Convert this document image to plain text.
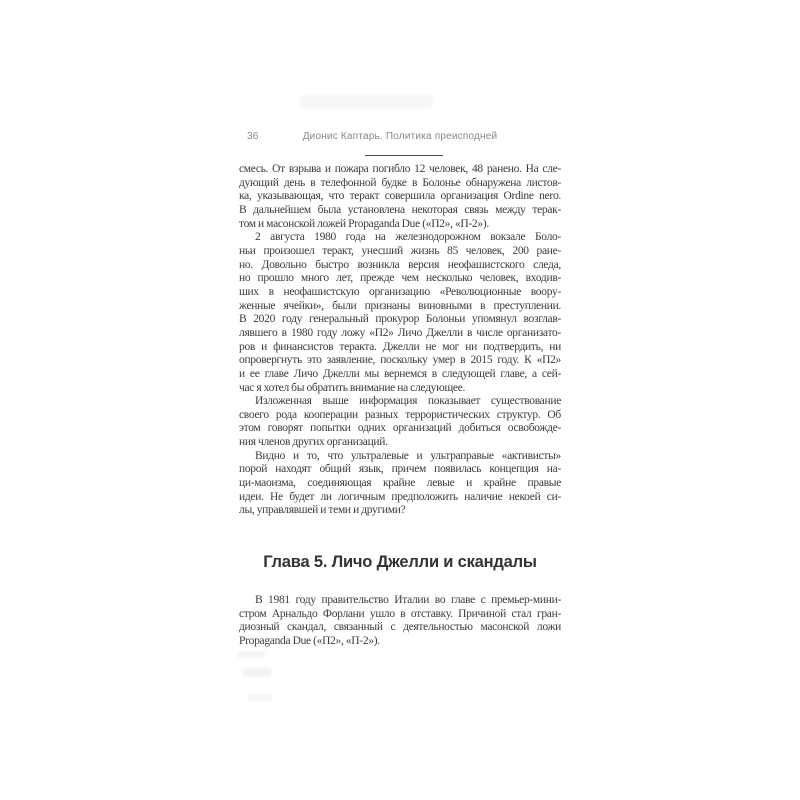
36	Дионис Каптарь. Политика преисподней
смесь. От взрыва и пожара погибло 12 человек, 48 ранено. На сле-
дующий день в телефонной будке в Болонье обнаружена листов-
ка, указывающая, что теракт совершила организация Ordine nero.
В дальнейшем была установлена некоторая связь между терак-
том и масонской ложей Propaganda Due («П2», «П-2»).
2 августа 1980 года на железнодорожном вокзале Боло-
ньи произошел теракт, унесший жизнь 85 человек, 200 ране-
но. Довольно быстро возникла версия неофашистского следа,
но прошло много лет, прежде чем несколько человек, входив-
ших в неофашистскую организацию «Революционные воору-
женные ячейки», были признаны виновными в преступлении.
В 2020 году генеральный прокурор Болоньи упомянул возглав-
лявшего в 1980 году ложу «П2» Личо Джелли в числе организато-
ров и финансистов теракта. Джелли не мог ни подтвердить, ни
опровергнуть это заявление, поскольку умер в 2015 году. К «П2»
и ее главе Личо Джелли мы вернемся в следующей главе, а сей-
час я хотел бы обратить внимание на следующее.
Изложенная выше информация показывает существование
своего рода кооперации разных террористических структур. Об
этом говорят попытки одних организаций добиться освобожде-
ния членов других организаций.
Видно и то, что ультралевые и ультраправые «активисты»
порой находят общий язык, причем появилась концепция на-
ци-маоизма, соединяющая крайне левые и крайне правые
идеи. Не будет ли логичным предположить наличие некоей си-
лы, управлявшей и теми и другими?
Глава 5. Личо Джелли и скандалы
В 1981 году правительство Италии во главе с премьер-мини-
стром Арнальдо Форлани ушло в отставку. Причиной стал гран-
диозный скандал, связанный с деятельностью масонской ложи
Propaganda Due («П2», «П-2»).
